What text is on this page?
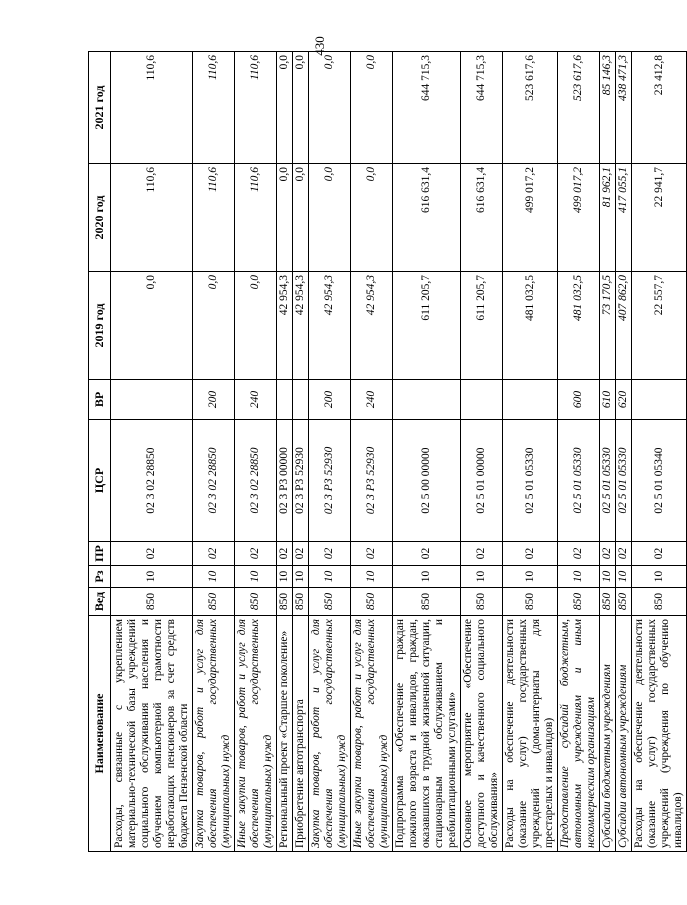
430
Наименование	Вед	Рз	ПР	ЦСР	ВР	2019 год	2020 год	2021 год
Расходы, связанные с укреплением материально-технической базы учреждений социального обслуживания населения и обучением компьютерной грамотности неработающих пенсионеров за счет средств бюджета Пензенской области	850	10	02	02 3 02 28850		0,0	110,6	110,6
Закупка товаров, работ и услуг для обеспечения государственных (муниципальных) нужд	850	10	02	02 3 02 28850	200	0,0	110,6	110,6
Иные закупки товаров, работ и услуг для обеспечения государственных (муниципальных) нужд	850	10	02	02 3 02 28850	240	0,0	110,6	110,6
Региональный проект «Старшее поколение»	850	10	02	02 3 P3 00000		42 954,3	0,0	0,0
Приобретение автотранспорта	850	10	02	02 3 P3 52930		42 954,3	0,0	0,0
Закупка товаров, работ и услуг для обеспечения государственных (муниципальных) нужд	850	10	02	02 3 P3 52930	200	42 954,3	0,0	0,0
Иные закупки товаров, работ и услуг для обеспечения государственных (муниципальных) нужд	850	10	02	02 3 P3 52930	240	42 954,3	0,0	0,0
Подпрограмма «Обеспечение граждан пожилого возраста и инвалидов, граждан, оказавшихся в трудной жизненной ситуации, стационарным обслуживанием и реабилитационными услугами»	850	10	02	02 5 00 00000		611 205,7	616 631,4	644 715,3
Основное мероприятие «Обеспечение доступного и качественного социального обслуживания»	850	10	02	02 5 01 00000		611 205,7	616 631,4	644 715,3
Расходы на обеспечение деятельности (оказание услуг) государственных учреждений (дома-интернаты для престарелых и инвалидов)	850	10	02	02 5 01 05330		481 032,5	499 017,2	523 617,6
Предоставление субсидий бюджетным, автономным учреждениям и иным некоммерческим организациям	850	10	02	02 5 01 05330	600	481 032,5	499 017,2	523 617,6
Субсидии бюджетным учреждениям	850	10	02	02 5 01 05330	610	73 170,5	81 962,1	85 146,3
Субсидии автономным учреждениям	850	10	02	02 5 01 05330	620	407 862,0	417 055,1	438 471,3
Расходы на обеспечение деятельности (оказание услуг) государственных учреждений (учреждения по обучению инвалидов)	850	10	02	02 5 01 05340		22 557,7	22 941,7	23 412,8
